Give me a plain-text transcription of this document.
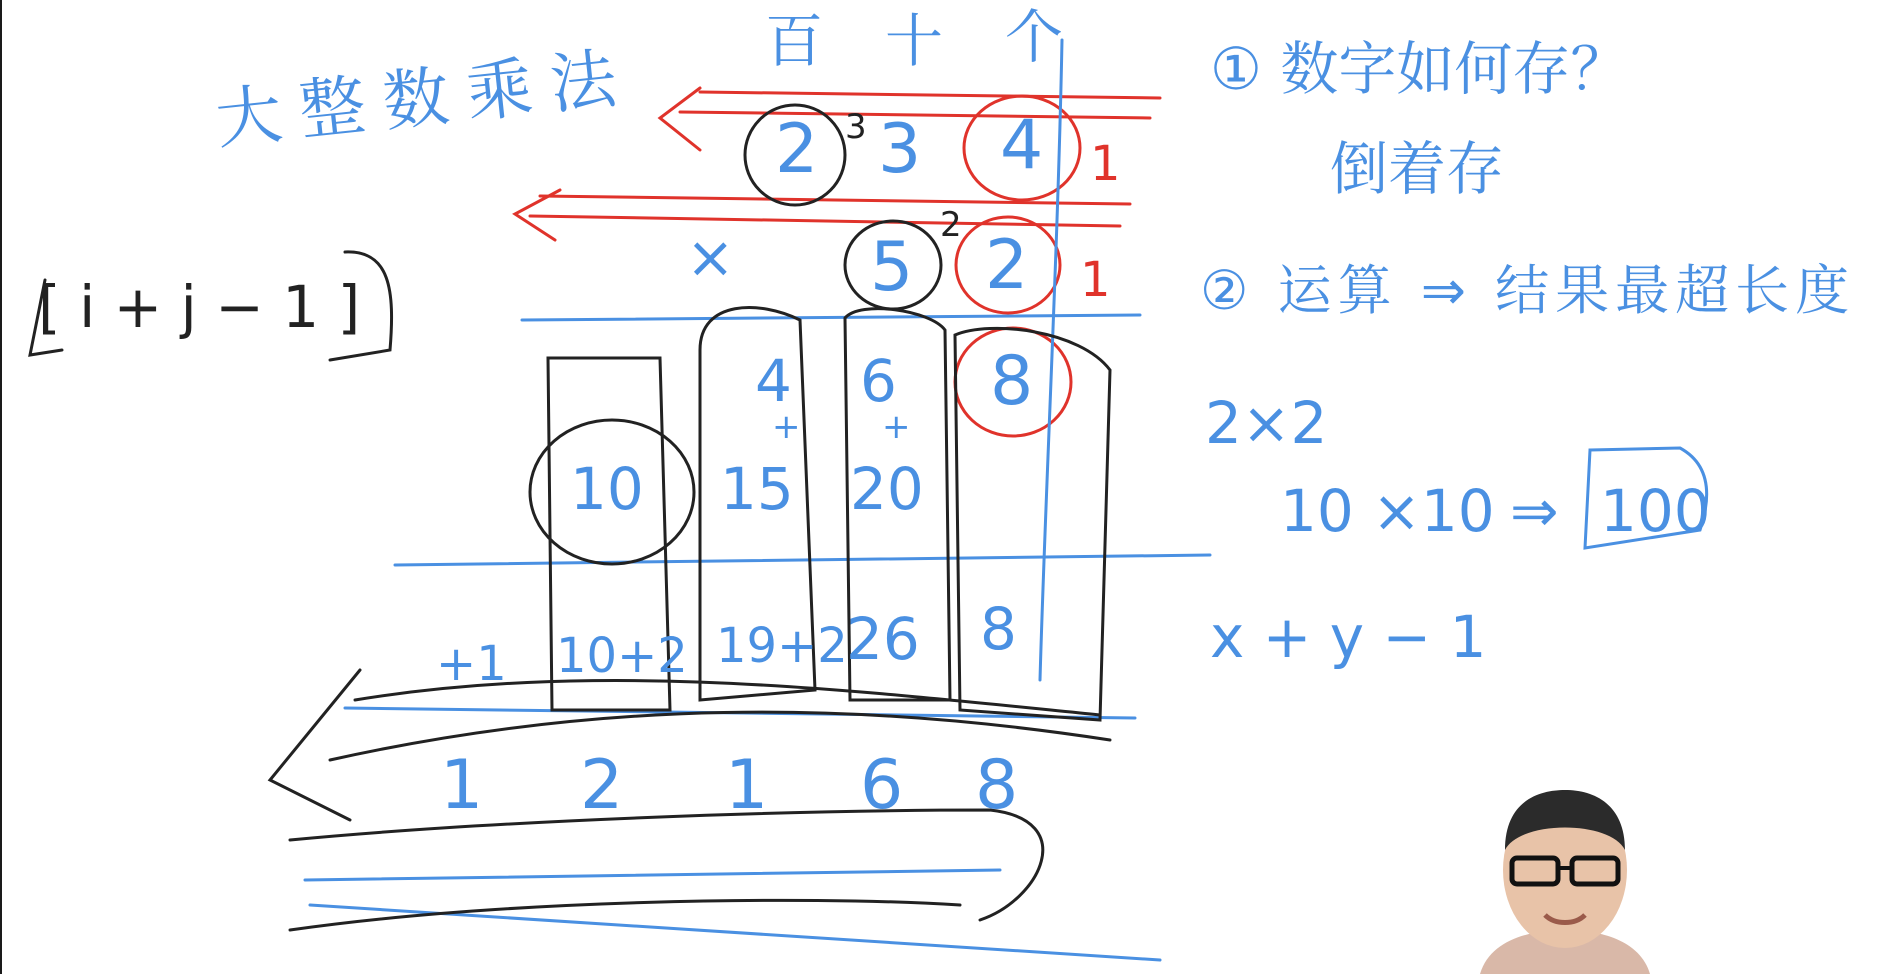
大整数乘法 百 十 个
2 3 4
3
1
× 5 2
2
1
4 6 8
+ +
10 15 20
+1 10+2 19+2
26 8
1 2 1 6 8
[ i + j − 1 ]
① 数字如何存？
倒着存
② 运算 ⇒ 结果最超长度
2×2
10 ×10 ⇒ 100
x + y − 1
